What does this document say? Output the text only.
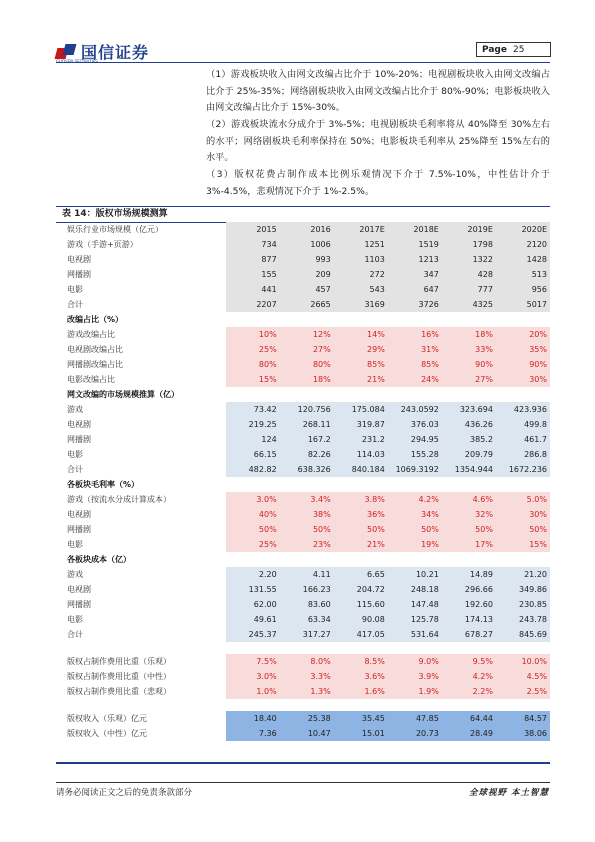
国信证券	Page 25
（1）游戏板块收入由网文改编占比介于 10%-20%；电视剧板块收入由网文改编占比介于 25%-35%；网络剧板块收入由网文改编占比介于 80%-90%；电影板块收入由网文改编占比介于 15%-30%。
（2）游戏板块流水分成介于 3%-5%；电视剧板块毛利率将从 40%降至 30%左右的水平；网络剧板块毛利率保持在 50%；电影板块毛利率从 25%降至 15%左右的水平。
（3）版权花费占制作成本比例乐观情况下介于 7.5%-10%，中性估计介于 3%-4.5%，悲观情况下介于 1%-2.5%。
表 14：版权市场规模测算
娱乐行业市场规模（亿元）	2015	2016	2017E	2018E	2019E	2020E
游戏（手游+页游）	734	1006	1251	1519	1798	2120
电视剧	877	993	1103	1213	1322	1428
网播剧	155	209	272	347	428	513
电影	441	457	543	647	777	956
合计	2207	2665	3169	3726	4325	5017
改编占比（%）						
游戏改编占比	10%	12%	14%	16%	18%	20%
电视剧改编占比	25%	27%	29%	31%	33%	35%
网播剧改编占比	80%	80%	85%	85%	90%	90%
电影改编占比	15%	18%	21%	24%	27%	30%
网文改编的市场规模推算（亿）						
游戏	73.42	120.756	175.084	243.0592	323.694	423.936
电视剧	219.25	268.11	319.87	376.03	436.26	499.8
网播剧	124	167.2	231.2	294.95	385.2	461.7
电影	66.15	82.26	114.03	155.28	209.79	286.8
合计	482.82	638.326	840.184	1069.3192	1354.944	1672.236
各板块毛利率（%）						
游戏（按流水分成计算成本）	3.0%	3.4%	3.8%	4.2%	4.6%	5.0%
电视剧	40%	38%	36%	34%	32%	30%
网播剧	50%	50%	50%	50%	50%	50%
电影	25%	23%	21%	19%	17%	15%
各板块成本（亿）						
游戏	2.20	4.11	6.65	10.21	14.89	21.20
电视剧	131.55	166.23	204.72	248.18	296.66	349.86
网播剧	62.00	83.60	115.60	147.48	192.60	230.85
电影	49.61	63.34	90.08	125.78	174.13	243.78
合计	245.37	317.27	417.05	531.64	678.27	845.69

版权占制作费用比重（乐观）	7.5%	8.0%	8.5%	9.0%	9.5%	10.0%
版权占制作费用比重（中性）	3.0%	3.3%	3.6%	3.9%	4.2%	4.5%
版权占制作费用比重（悲观）	1.0%	1.3%	1.6%	1.9%	2.2%	2.5%

版权收入（乐观）亿元	18.40	25.38	35.45	47.85	64.44	84.57
版权收入（中性）亿元	7.36	10.47	15.01	20.73	28.49	38.06
请务必阅读正文之后的免责条款部分	全球视野 本土智慧
